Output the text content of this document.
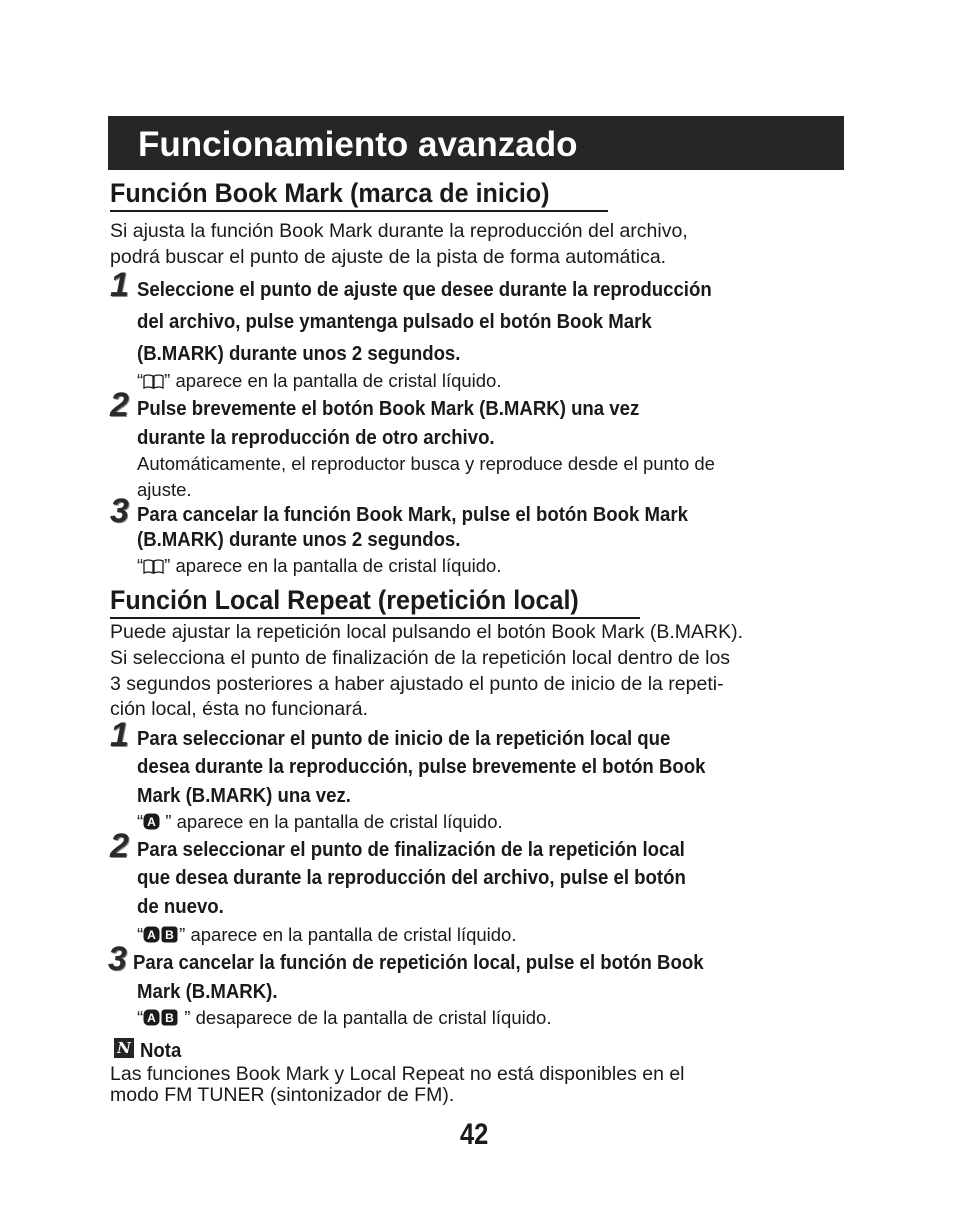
Funcionamiento avanzado
Función Book Mark (marca de inicio)
Si ajusta la función Book Mark durante la reproducción del archivo,
podrá buscar el punto de ajuste de la pista de forma automática.
1 Seleccione el punto de ajuste que desee durante la reproducción
del archivo, pulse ymantenga pulsado el botón Book Mark
(B.MARK) durante unos 2 segundos.
“ ” aparece en la pantalla de cristal líquido.
2 Pulse brevemente el botón Book Mark (B.MARK) una vez
durante la reproducción de otro archivo.
Automáticamente, el reproductor busca y reproduce desde el punto de
ajuste.
3 Para cancelar la función Book Mark, pulse el botón Book Mark
(B.MARK) durante unos 2 segundos.
“ ” aparece en la pantalla de cristal líquido.
Función Local Repeat (repetición local)
Puede ajustar la repetición local pulsando el botón Book Mark (B.MARK).
Si selecciona el punto de finalización de la repetición local dentro de los
3 segundos posteriores a haber ajustado el punto de inicio de la repeti-
ción local, ésta no funcionará.
1 Para seleccionar el punto de inicio de la repetición local que
desea durante la reproducción, pulse brevemente el botón Book
Mark (B.MARK) una vez.
“ A ” aparece en la pantalla de cristal líquido.
2 Para seleccionar el punto de finalización de la repetición local
que desea durante la reproducción del archivo, pulse el botón
de nuevo.
“ A B ” aparece en la pantalla de cristal líquido.
3 Para cancelar la función de repetición local, pulse el botón Book
Mark (B.MARK).
“ A B ” desaparece de la pantalla de cristal líquido.
N Nota
Las funciones Book Mark y Local Repeat no está disponibles en el
modo FM TUNER (sintonizador de FM).
42
